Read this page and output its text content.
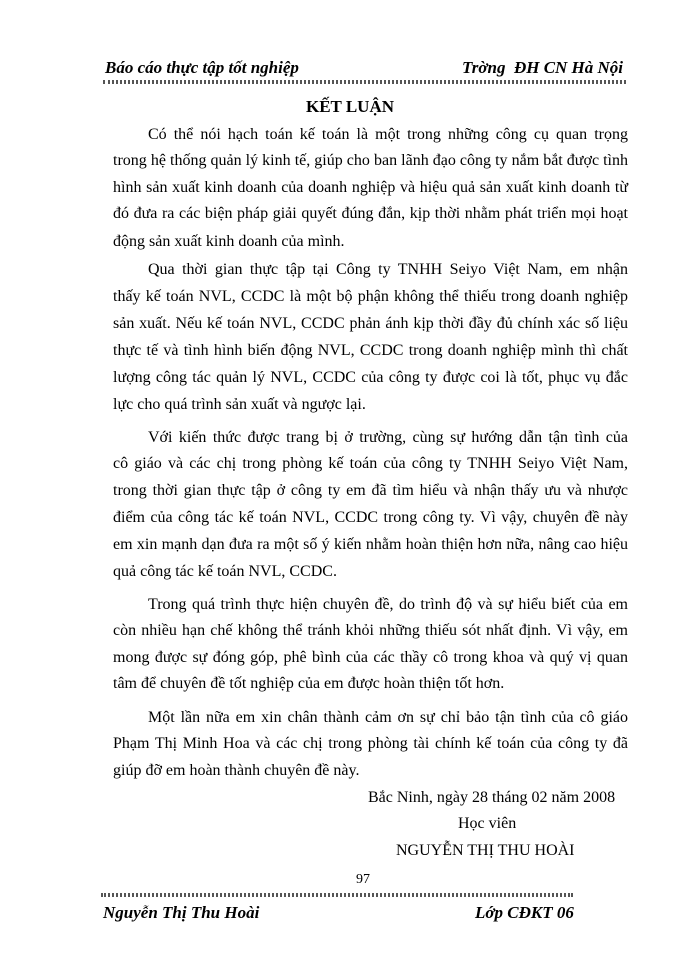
Báo cáo thực tập tốt nghiệp	Trờng  ĐH CN Hà Nội
KẾT LUẬN
Có thể nói hạch toán kế toán là một trong những công cụ quan trọng
trong hệ thống quản lý kinh tế, giúp cho ban lãnh đạo công ty nắm bắt được tình
hình sản xuất kinh doanh của doanh nghiệp và hiệu quả sản xuất kinh doanh từ
đó đưa ra các biện pháp giải quyết đúng đắn, kịp thời nhằm phát triển mọi hoạt
động sản xuất kinh doanh của mình.
Qua thời gian thực tập tại Công ty TNHH Seiyo Việt Nam, em nhận
thấy kế toán NVL, CCDC là một bộ phận không thể thiếu trong doanh nghiệp
sản xuất. Nếu kế toán NVL, CCDC phản ánh kịp thời đầy đủ chính xác số liệu
thực tế và tình hình biến động NVL, CCDC trong doanh nghiệp mình thì chất
lượng công tác quản lý NVL, CCDC của công ty được coi là tốt, phục vụ đắc
lực cho quá trình sản xuất và ngược lại.
Với kiến thức được trang bị ở trường, cùng sự hướng dẫn tận tình của
cô giáo và các chị trong phòng kế toán của công ty TNHH Seiyo Việt Nam,
trong thời gian thực tập ở công ty em đã tìm hiểu và nhận thấy ưu và nhược
điểm của công tác kế toán NVL, CCDC trong công ty. Vì vậy, chuyên đề này
em xin mạnh dạn đưa ra một số ý kiến nhằm hoàn thiện hơn nữa, nâng cao hiệu
quả công tác kế toán NVL, CCDC.
Trong quá trình thực hiện chuyên đề, do trình độ và sự hiểu biết của em
còn nhiều hạn chế không thể tránh khỏi những thiếu sót nhất định. Vì vậy, em
mong được sự đóng góp, phê bình của các thầy cô trong khoa và quý vị quan
tâm để chuyên đề tốt nghiệp của em được hoàn thiện tốt hơn.
Một lần nữa em xin chân thành cảm ơn sự chỉ bảo tận tình của cô giáo
Phạm Thị Minh Hoa và các chị trong phòng tài chính kế toán của công ty đã
giúp đỡ em hoàn thành chuyên đề này.
Bắc Ninh, ngày 28 tháng 02 năm 2008
Học viên
NGUYỄN THỊ THU HOÀI
97
Nguyễn Thị Thu Hoài	Lớp CĐKT 06
